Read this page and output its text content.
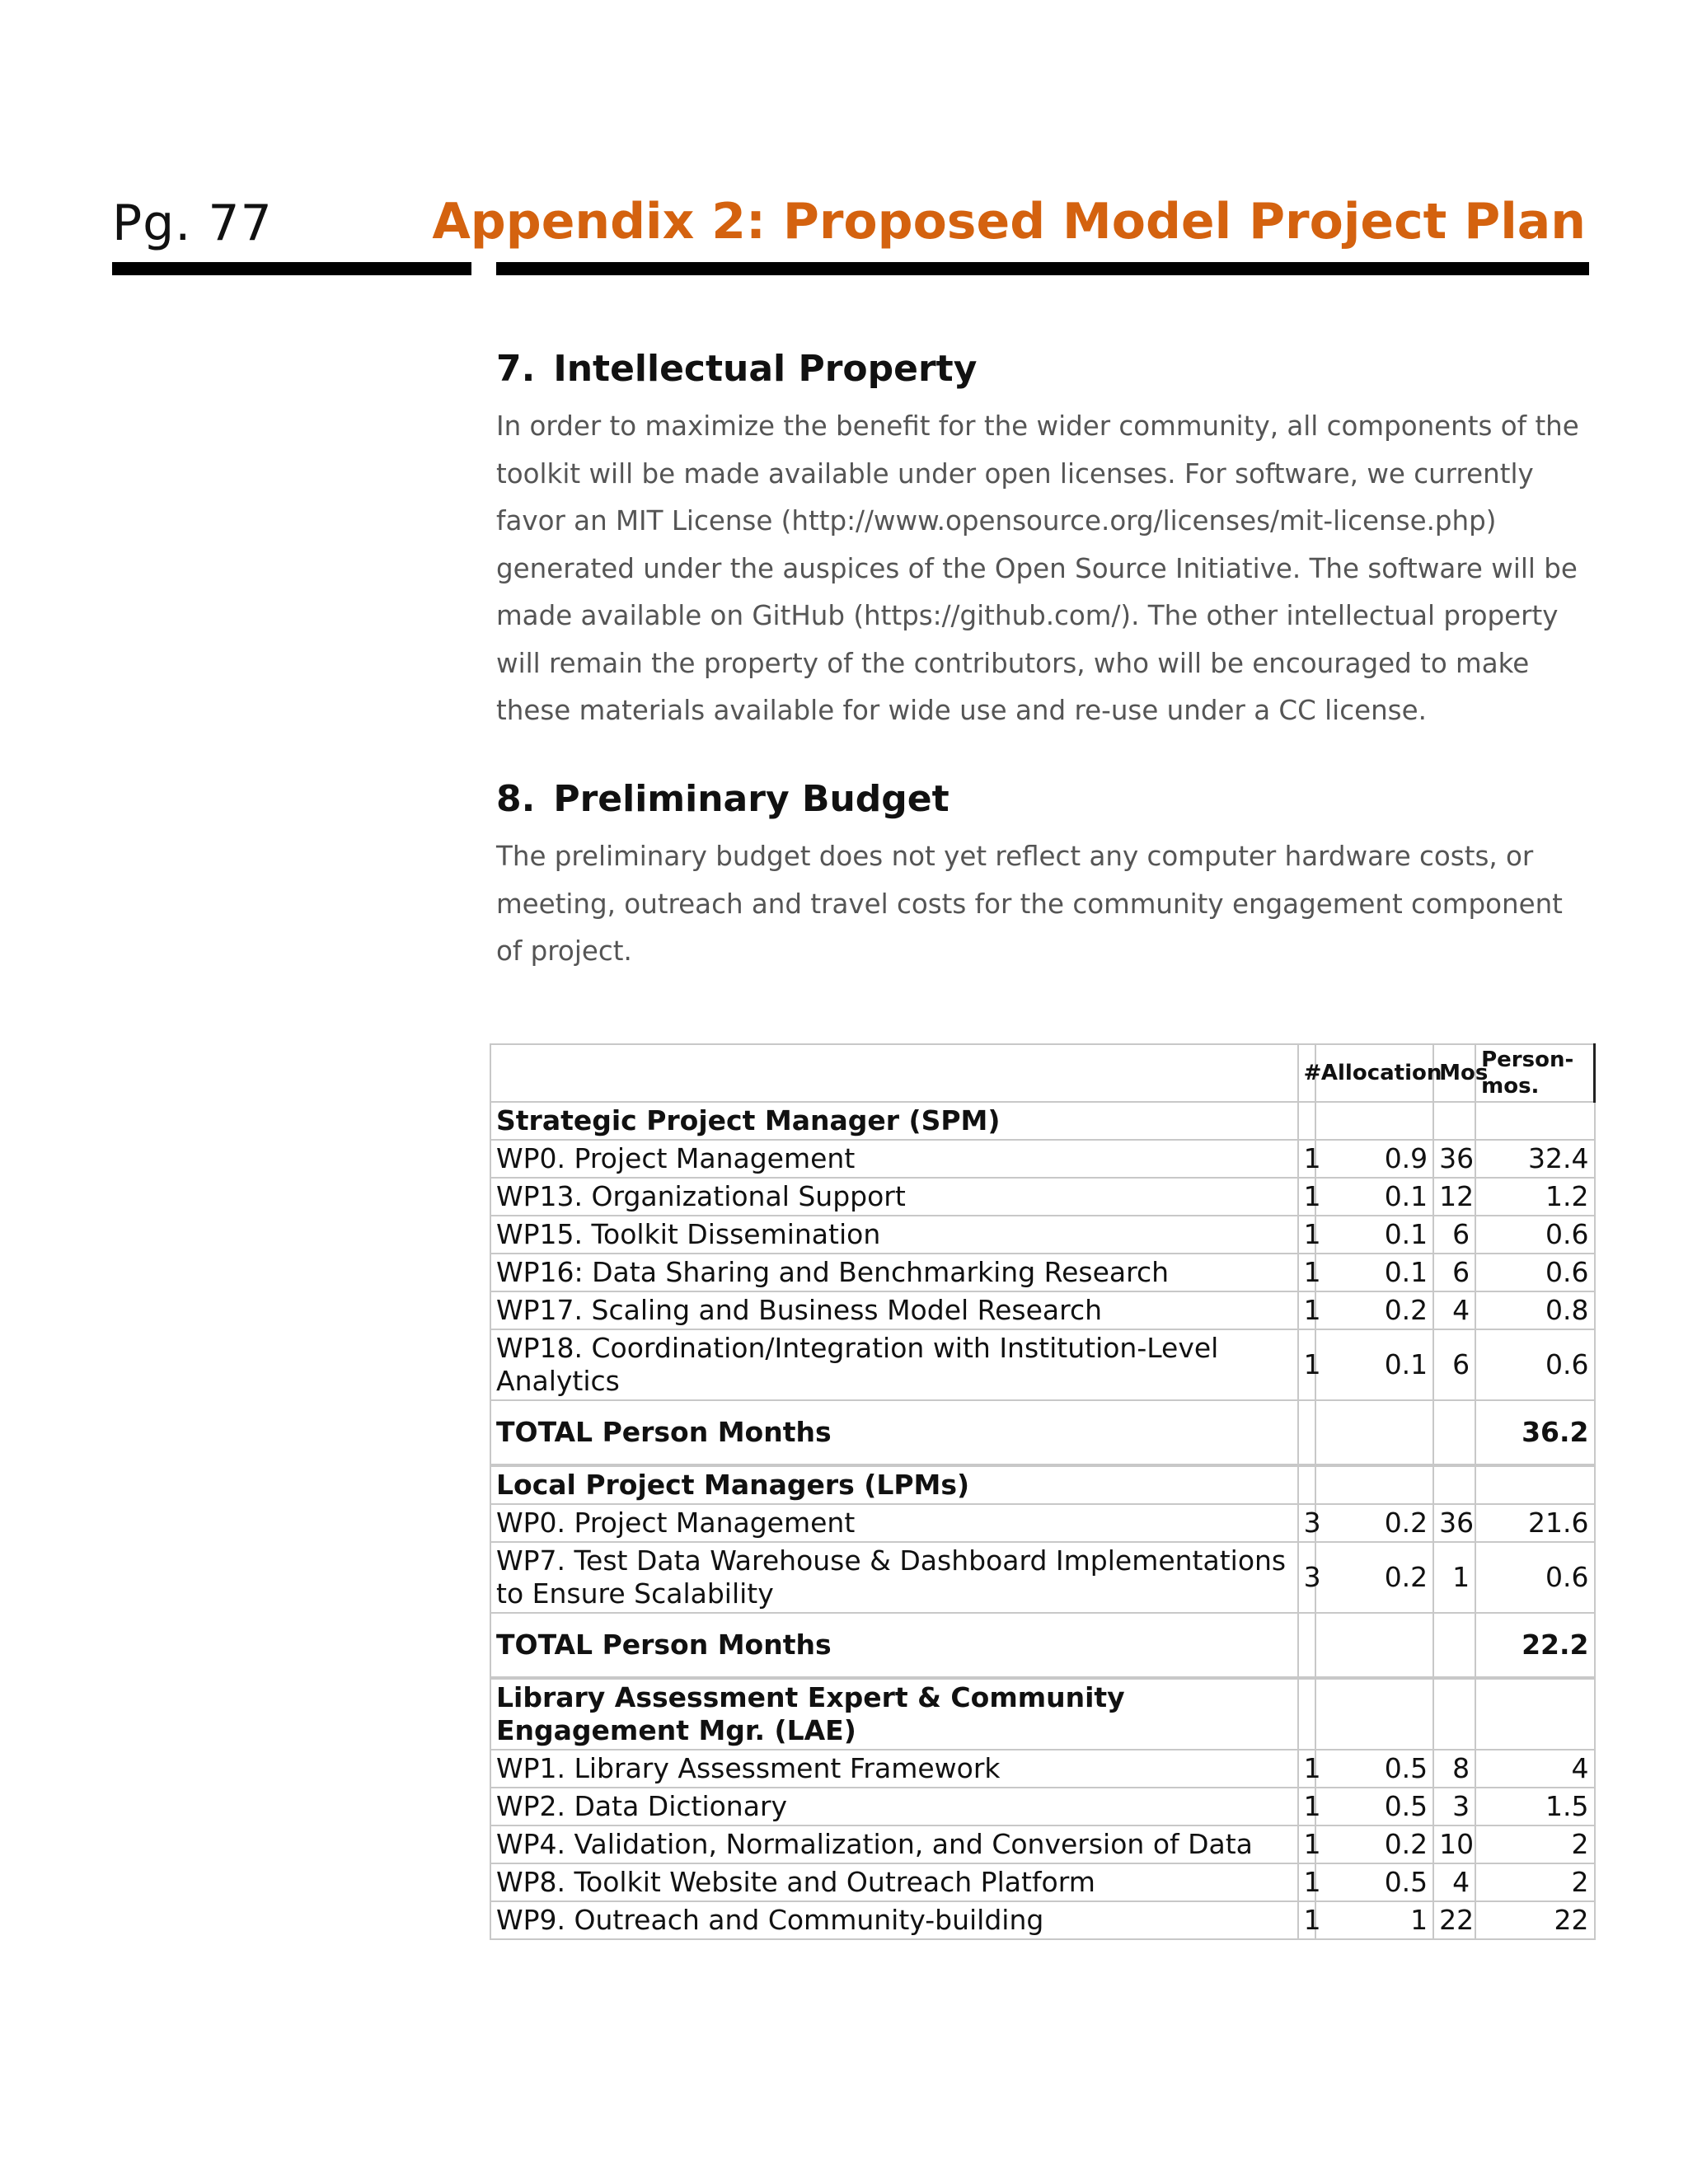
Pg. 77	Appendix 2: Proposed Model Project Plan
7. Intellectual Property

In order to maximize the benefit for the wider community, all components of the toolkit will be made available under open licenses. For software, we currently favor an MIT License (http://www.opensource.org/licenses/mit-license.php) generated under the auspices of the Open Source Initiative. The software will be made available on GitHub (https://github.com/). The other intellectual property will remain the property of the contributors, who will be encouraged to make these materials available for wide use and re-use under a CC license.

8. Preliminary Budget

The preliminary budget does not yet reflect any computer hardware costs, or meeting, outreach and travel costs for the community engagement component of project.

	#	Allocation	Mos	Person-mos.
Strategic Project Manager (SPM)				
WP0. Project Management	1	0.9	36	32.4
WP13. Organizational Support	1	0.1	12	1.2
WP15. Toolkit Dissemination	1	0.1	6	0.6
WP16: Data Sharing and Benchmarking Research	1	0.1	6	0.6
WP17. Scaling and Business Model Research	1	0.2	4	0.8
WP18. Coordination/Integration with Institution-Level Analytics	1	0.1	6	0.6
TOTAL Person Months				36.2
Local Project Managers (LPMs)				
WP0. Project Management	3	0.2	36	21.6
WP7. Test Data Warehouse & Dashboard Implementations to Ensure Scalability	3	0.2	1	0.6
TOTAL Person Months				22.2
Library Assessment Expert & Community Engagement Mgr. (LAE)				
WP1. Library Assessment Framework	1	0.5	8	4
WP2. Data Dictionary	1	0.5	3	1.5
WP4. Validation, Normalization, and Conversion of Data	1	0.2	10	2
WP8. Toolkit Website and Outreach Platform	1	0.5	4	2
WP9. Outreach and Community-building	1	1	22	22
